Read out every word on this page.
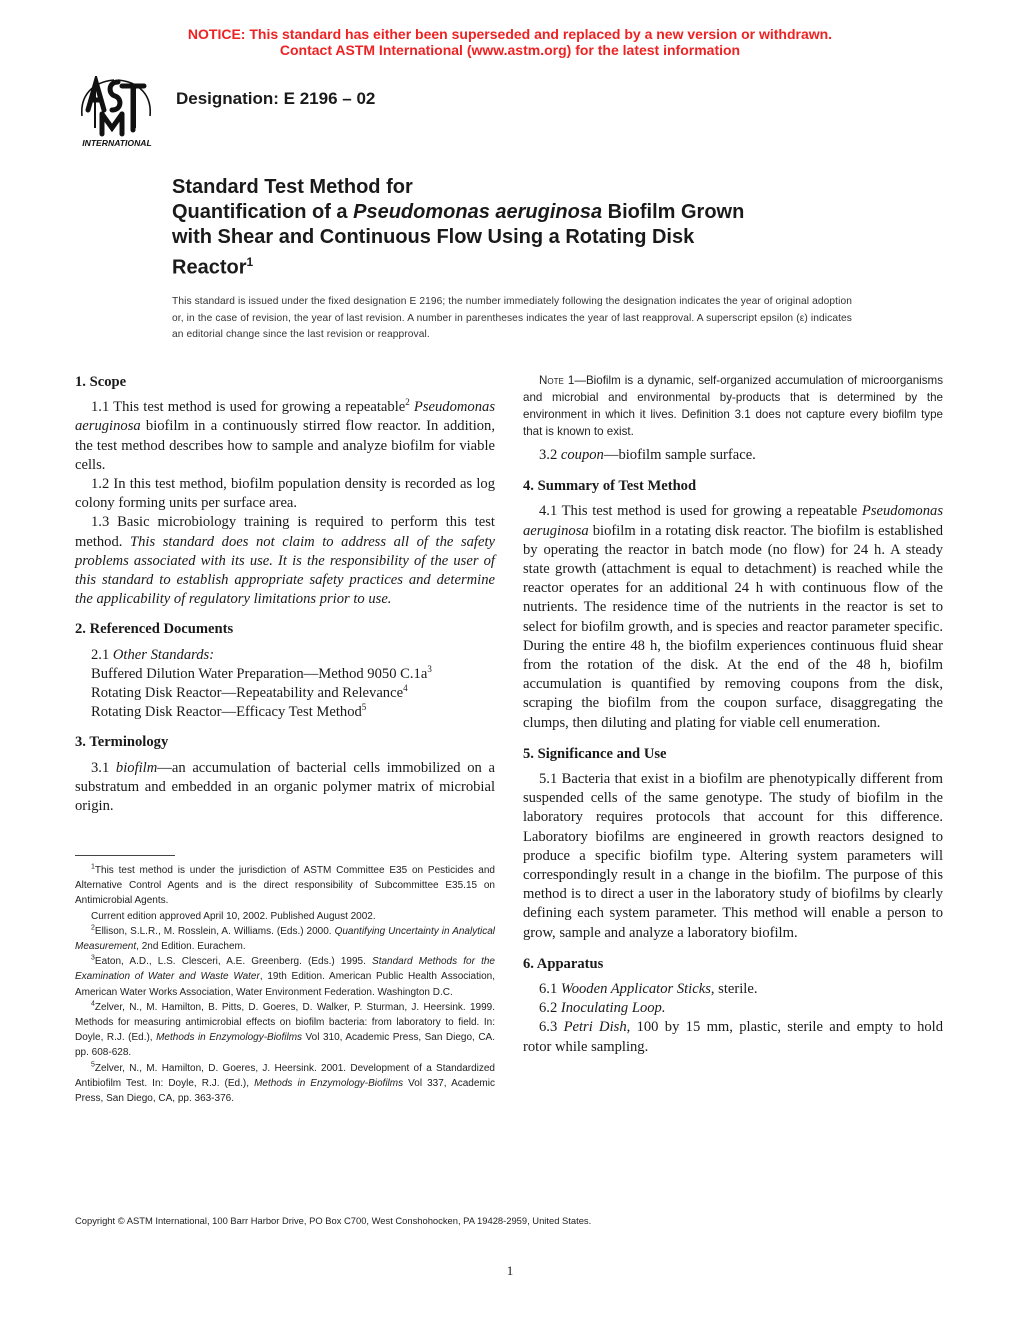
NOTICE: This standard has either been superseded and replaced by a new version or withdrawn.
Contact ASTM International (www.astm.org) for the latest information
INTERNATIONAL
Designation: E 2196 – 02
Standard Test Method for
Quantification of a Pseudomonas aeruginosa Biofilm Grown
with Shear and Continuous Flow Using a Rotating Disk
Reactor$^1$
This standard is issued under the fixed designation E 2196; the number immediately following the designation indicates the year of original adoption or, in the case of revision, the year of last revision. A number in parentheses indicates the year of last reapproval. A superscript epsilon (ε) indicates an editorial change since the last revision or reapproval.
1. Scope

1.1 This test method is used for growing a repeatable$^2$ Pseudomonas aeruginosa biofilm in a continuously stirred flow reactor. In addition, the test method describes how to sample and analyze biofilm for viable cells.

1.2 In this test method, biofilm population density is recorded as log colony forming units per surface area.

1.3 Basic microbiology training is required to perform this test method. This standard does not claim to address all of the safety problems associated with its use. It is the responsibility of the user of this standard to establish appropriate safety practices and determine the applicability of regulatory limitations prior to use.

2. Referenced Documents

2.1 Other Standards:

Buffered Dilution Water Preparation—Method 9050 $C.1a^3$

Rotating Disk Reactor—Repeatability and Relevance$^4$

Rotating Disk Reactor—Efficacy Test Method$^5$

3. Terminology

3.1 biofilm—an accumulation of bacterial cells immobilized on a substratum and embedded in an organic polymer matrix of microbial origin.

$^1$This test method is under the jurisdiction of ASTM Committee E35 on Pesticides and Alternative Control Agents and is the direct responsibility of Subcommittee E35.15 on Antimicrobial Agents.

Current edition approved April 10, 2002. Published August 2002.

$^2$Ellison, S.L.R., M. Rosslein, A. Williams. (Eds.) 2000. Quantifying Uncertainty in Analytical Measurement, 2nd Edition. Eurachem.

$^3$Eaton, A.D., L.S. Clesceri, A.E. Greenberg. (Eds.) 1995. Standard Methods for the Examination of Water and Waste Water, 19th Edition. American Public Health Association, American Water Works Association, Water Environment Federation. Washington D.C.

$^4$Zelver, N., M. Hamilton, B. Pitts, D. Goeres, D. Walker, P. Sturman, J. Heersink. 1999. Methods for measuring antimicrobial effects on biofilm bacteria: from laboratory to field. In: Doyle, R.J. (Ed.), Methods in Enzymology-Biofilms Vol 310, Academic Press, San Diego, CA. pp. 608-628.

$^5$Zelver, N., M. Hamilton, D. Goeres, J. Heersink. 2001. Development of a Standardized Antibiofilm Test. In: Doyle, R.J. (Ed.), Methods in Enzymology-Biofilms Vol 337, Academic Press, San Diego, CA, pp. 363-376.

Note 1—Biofilm is a dynamic, self-organized accumulation of microorganisms and microbial and environmental by-products that is determined by the environment in which it lives. Definition 3.1 does not capture every biofilm type that is known to exist.

3.2 coupon—biofilm sample surface.

4. Summary of Test Method

4.1 This test method is used for growing a repeatable Pseudomonas aeruginosa biofilm in a rotating disk reactor. The biofilm is established by operating the reactor in batch mode (no flow) for 24 h. A steady state growth (attachment is equal to detachment) is reached while the reactor operates for an additional 24 h with continuous flow of the nutrients. The residence time of the nutrients in the reactor is set to select for biofilm growth, and is species and reactor parameter specific. During the entire 48 h, the biofilm experiences continuous fluid shear from the rotation of the disk. At the end of the 48 h, biofilm accumulation is quantified by removing coupons from the disk, scraping the biofilm from the coupon surface, disaggregating the clumps, then diluting and plating for viable cell enumeration.

5. Significance and Use

5.1 Bacteria that exist in a biofilm are phenotypically different from suspended cells of the same genotype. The study of biofilm in the laboratory requires protocols that account for this difference. Laboratory biofilms are engineered in growth reactors designed to produce a specific biofilm type. Altering system parameters will correspondingly result in a change in the biofilm. The purpose of this method is to direct a user in the laboratory study of biofilms by clearly defining each system parameter. This method will enable a person to grow, sample and analyze a laboratory biofilm.

6. Apparatus

6.1 Wooden Applicator Sticks, sterile.

6.2 Inoculating Loop.

6.3 Petri Dish, 100 by 15 mm, plastic, sterile and empty to hold rotor while sampling.

Copyright © ASTM International, 100 Barr Harbor Drive, PO Box C700, West Conshohocken, PA 19428-2959, United States.
1
